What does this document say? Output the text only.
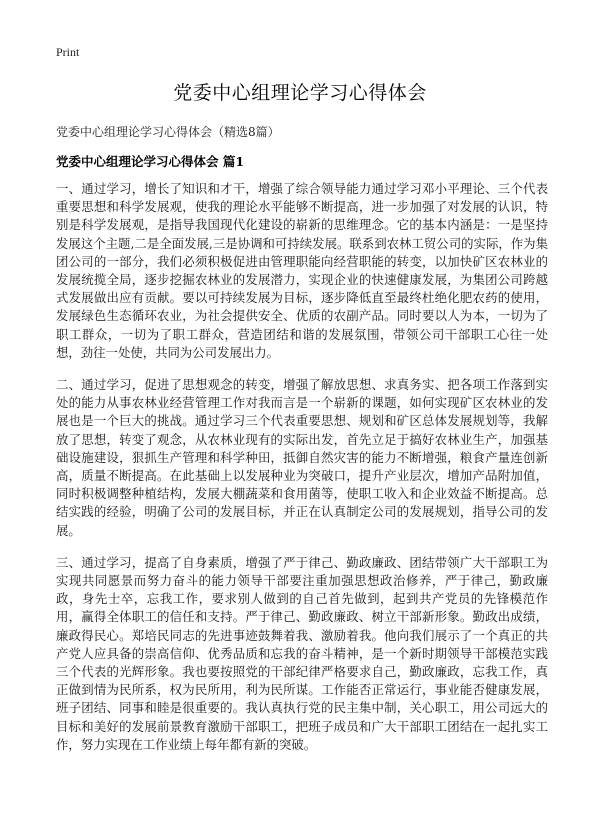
Print
党委中心组理论学习心得体会
党委中心组理论学习心得体会（精选8篇）
党委中心组理论学习心得体会 篇1

一、通过学习，增长了知识和才干，增强了综合领导能力通过学习邓小平理论、三个代表重要思想和科学发展观，使我的理论水平能够不断提高，进一步加强了对发展的认识，特别是科学发展观，是指导我国现代化建设的崭新的思维理念。它的基本内涵是：一是坚持发展这个主题,二是全面发展,三是协调和可持续发展。联系到农林工贸公司的实际，作为集团公司的一部分，我们必须积极促进由管理职能向经营职能的转变，以加快矿区农林业的发展统揽全局，逐步挖掘农林业的发展潜力，实现企业的快速健康发展，为集团公司跨越式发展做出应有贡献。要以可持续发展为目标，逐步降低直至最终杜绝化肥农药的使用，发展绿色生态循环农业，为社会提供安全、优质的农副产品。同时要以人为本，一切为了职工群众，一切为了职工群众，营造团结和谐的发展氛围，带领公司干部职工心往一处想，劲往一处使，共同为公司发展出力。

二、通过学习，促进了思想观念的转变，增强了解放思想、求真务实、把各项工作落到实处的能力从事农林业经营管理工作对我而言是一个崭新的课题，如何实现矿区农林业的发展也是一个巨大的挑战。通过学习三个代表重要思想、规划和矿区总体发展规划等，我解放了思想，转变了观念，从农林业现有的实际出发，首先立足于搞好农林业生产，加强基础设施建设，狠抓生产管理和科学种田，抵御自然灾害的能力不断增强，粮食产量连创新高，质量不断提高。在此基础上以发展种业为突破口，提升产业层次，增加产品附加值，同时积极调整种植结构，发展大棚蔬菜和食用菌等，使职工收入和企业效益不断提高。总结实践的经验，明确了公司的发展目标，并正在认真制定公司的发展规划，指导公司的发展。

三、通过学习，提高了自身素质，增强了严于律己、勤政廉政、团结带领广大干部职工为实现共同愿景而努力奋斗的能力领导干部要注重加强思想政治修养，严于律己，勤政廉政，身先士卒，忘我工作，要求别人做到的自己首先做到，起到共产党员的先锋模范作用，赢得全体职工的信任和支持。严于律己、勤政廉政、树立干部新形象。勤政出成绩，廉政得民心。郑培民同志的先进事迹鼓舞着我、激励着我。他向我们展示了一个真正的共产党人应具备的崇高信仰、优秀品质和忘我的奋斗精神，是一个新时期领导干部模范实践三个代表的光辉形象。我也要按照党的干部纪律严格要求自己，勤政廉政，忘我工作，真正做到情为民所系，权为民所用，利为民所谋。工作能否正常运行，事业能否健康发展，班子团结、同事和睦是很重要的。我认真执行党的民主集中制，关心职工，用公司远大的目标和美好的发展前景教育激励干部职工，把班子成员和广大干部职工团结在一起扎实工作，努力实现在工作业绩上每年都有新的突破。
